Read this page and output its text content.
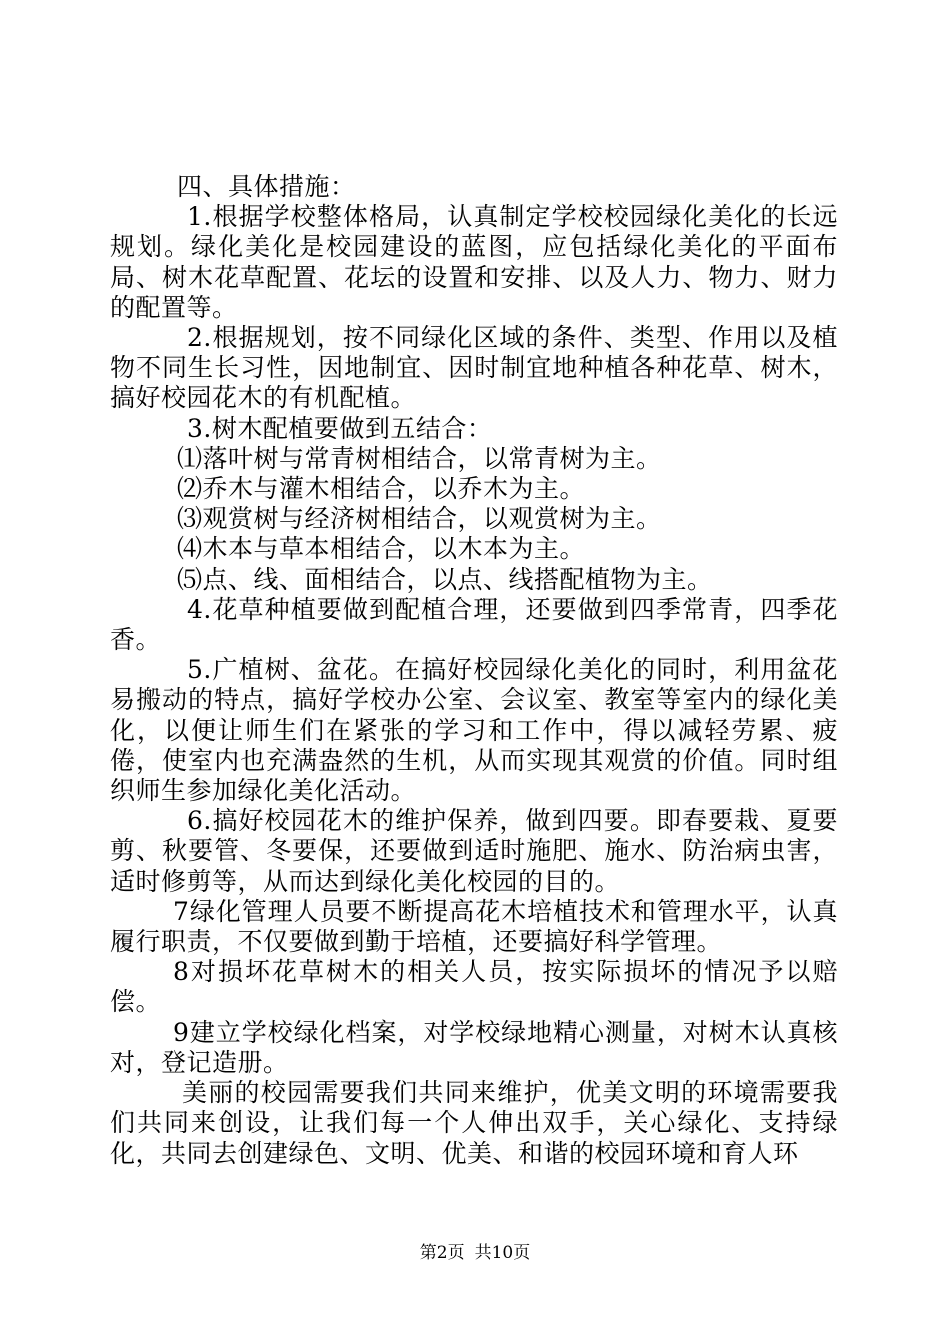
四、具体措施：

1.根据学校整体格局，认真制定学校校园绿化美化的长远规划。绿化美化是校园建设的蓝图，应包括绿化美化的平面布局、树木花草配置、花坛的设置和安排、以及人力、物力、财力的配置等。

2.根据规划，按不同绿化区域的条件、类型、作用以及植物不同生长习性，因地制宜、因时制宜地种植各种花草、树木，搞好校园花木的有机配植。

3.树木配植要做到五结合：

⑴落叶树与常青树相结合，以常青树为主。

⑵乔木与灌木相结合，以乔木为主。

⑶观赏树与经济树相结合，以观赏树为主。

⑷木本与草本相结合，以木本为主。

⑸点、线、面相结合，以点、线搭配植物为主。

4.花草种植要做到配植合理，还要做到四季常青，四季花香。

5.广植树、盆花。在搞好校园绿化美化的同时，利用盆花易搬动的特点，搞好学校办公室、会议室、教室等室内的绿化美化，以便让师生们在紧张的学习和工作中，得以减轻劳累、疲倦，使室内也充满盎然的生机，从而实现其观赏的价值。同时组织师生参加绿化美化活动。

6.搞好校园花木的维护保养，做到四要。即春要栽、夏要剪、秋要管、冬要保，还要做到适时施肥、施水、防治病虫害，适时修剪等，从而达到绿化美化校园的目的。

7绿化管理人员要不断提高花木培植技术和管理水平，认真履行职责，不仅要做到勤于培植，还要搞好科学管理。

8对损坏花草树木的相关人员，按实际损坏的情况予以赔偿。

9建立学校绿化档案，对学校绿地精心测量，对树木认真核对，登记造册。

美丽的校园需要我们共同来维护，优美文明的环境需要我们共同来创设，让我们每一个人伸出双手，关心绿化、支持绿化，共同去创建绿色、文明、优美、和谐的校园环境和育人环

第2页 共10页
